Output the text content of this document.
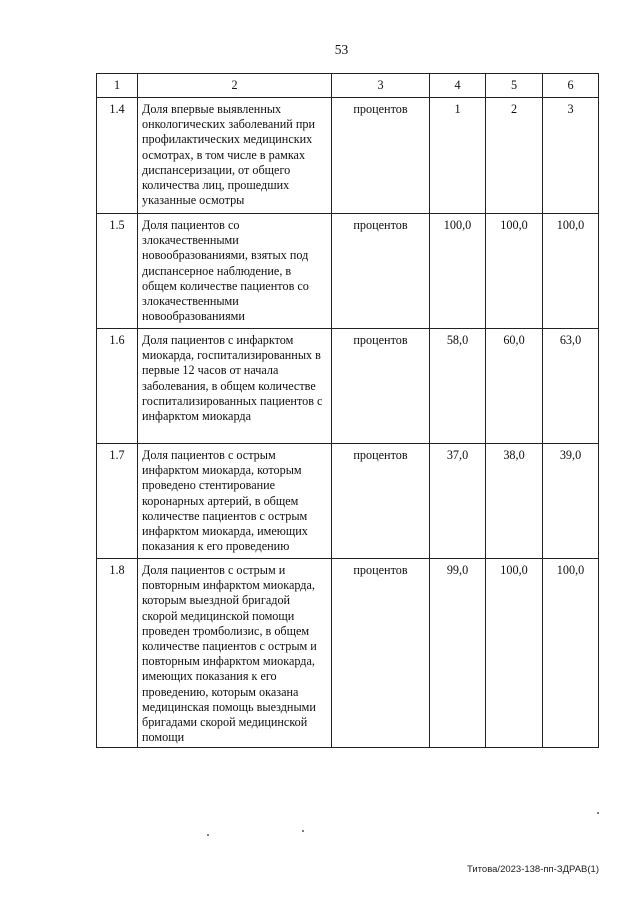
53
1	2	3	4	5	6
1.4	Доля впервые выявленных онкологических заболеваний при профилактических медицинских осмотрах, в том числе в рамках диспансеризации, от общего количества лиц, прошедших указанные осмотры	процентов	1	2	3
1.5	Доля пациентов со злокачественными новообразованиями, взятых под диспансерное наблюдение, в общем количестве пациентов со злокачественными новообразованиями	процентов	100,0	100,0	100,0
1.6	Доля пациентов с инфарктом миокарда, госпитализированных в первые 12 часов от начала заболевания, в общем количестве госпитализированных пациентов с инфарктом миокарда	процентов	58,0	60,0	63,0
1.7	Доля пациентов с острым инфарктом миокарда, которым проведено стентирование коронарных артерий, в общем количестве пациентов с острым инфарктом миокарда, имеющих показания к его проведению	процентов	37,0	38,0	39,0
1.8	Доля пациентов с острым и повторным инфарктом миокарда, которым выездной бригадой скорой медицинской помощи проведен тромболизис, в общем количестве пациентов с острым и повторным инфарктом миокарда, имеющих показания к его проведению, которым оказана медицинская помощь выездными бригадами скорой медицинской помощи	процентов	99,0	100,0	100,0
Титова/2023-138-пп-ЗДРАВ(1)
